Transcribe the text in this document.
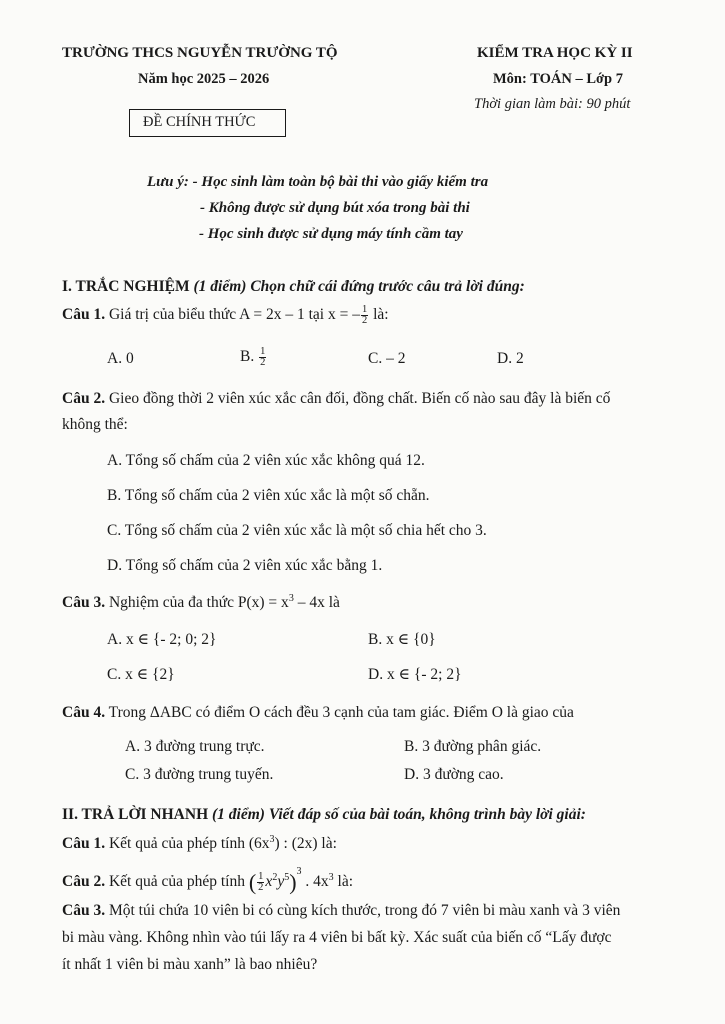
TRƯỜNG THCS NGUYỄN TRƯỜNG TỘ
Năm học 2025 – 2026
ĐỀ CHÍNH THỨC
KIỂM TRA HỌC KỲ II
Môn: TOÁN – Lớp 7
Thời gian làm bài: 90 phút
Lưu ý: - Học sinh làm toàn bộ bài thi vào giấy kiểm tra
- Không được sử dụng bút xóa trong bài thi
- Học sinh được sử dụng máy tính cầm tay
I. TRẮC NGHIỆM (1 điểm) Chọn chữ cái đứng trước câu trả lời đúng:
Câu 1. Giá trị của biểu thức A = 2x – 1 tại x = – $\frac{1}{2}$ là:
A. 0	B. $\frac{1}{2}$	C. – 2	D. 2
Câu 2. Gieo đồng thời 2 viên xúc xắc cân đối, đồng chất. Biến cố nào sau đây là biến cố
không thể:
A. Tổng số chấm của 2 viên xúc xắc không quá 12.
B. Tổng số chấm của 2 viên xúc xắc là một số chẵn.
C. Tổng số chấm của 2 viên xúc xắc là một số chia hết cho 3.
D. Tổng số chấm của 2 viên xúc xắc bằng 1.
Câu 3. Nghiệm của đa thức $P(x) = x^3 - 4x$ là
A. x ∈ {- 2; 0; 2}	B. x ∈ {0}
C. x ∈ {2}	D. x ∈ {- 2; 2}
Câu 4. Trong ΔABC có điểm O cách đều 3 cạnh của tam giác. Điểm O là giao của
A. 3 đường trung trực.	B. 3 đường phân giác.
C. 3 đường trung tuyến.	D. 3 đường cao.
II. TRẢ LỜI NHANH (1 điểm) Viết đáp số của bài toán, không trình bày lời giải:
Câu 1. Kết quả của phép tính $(6x^3)$ : (2x) là:
Câu 2. Kết quả của phép tính ( $\frac{1}{2} x^2y^5)^3$ . $4x^3$ là:
Câu 3. Một túi chứa 10 viên bi có cùng kích thước, trong đó 7 viên bi màu xanh và 3 viên
bi màu vàng. Không nhìn vào túi lấy ra 4 viên bi bất kỳ. Xác suất của biến cố “Lấy được
ít nhất 1 viên bi màu xanh” là bao nhiêu?
